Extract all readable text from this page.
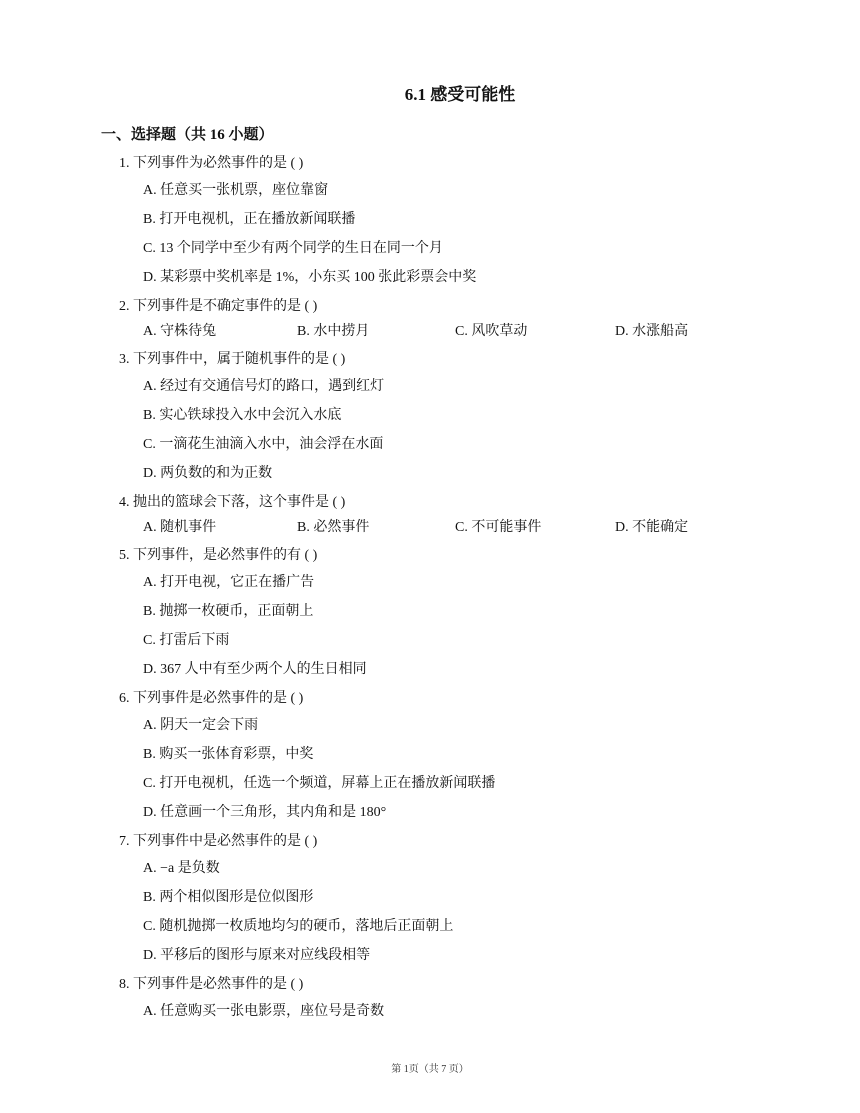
6.1 感受可能性
一、选择题（共 16 小题）
1. 下列事件为必然事件的是 ( )
A. 任意买一张机票，座位靠窗
B. 打开电视机，正在播放新闻联播
C. 13 个同学中至少有两个同学的生日在同一个月
D. 某彩票中奖机率是 1%，小东买 100 张此彩票会中奖
2. 下列事件是不确定事件的是 ( )
A. 守株待兔	B. 水中捞月	C. 风吹草动	D. 水涨船高
3. 下列事件中，属于随机事件的是 ( )
A. 经过有交通信号灯的路口，遇到红灯
B. 实心铁球投入水中会沉入水底
C. 一滴花生油滴入水中，油会浮在水面
D. 两负数的和为正数
4. 抛出的篮球会下落，这个事件是 ( )
A. 随机事件	B. 必然事件	C. 不可能事件	D. 不能确定
5. 下列事件，是必然事件的有 ( )
A. 打开电视，它正在播广告
B. 抛掷一枚硬币，正面朝上
C. 打雷后下雨
D. 367 人中有至少两个人的生日相同
6. 下列事件是必然事件的是 ( )
A. 阴天一定会下雨
B. 购买一张体育彩票，中奖
C. 打开电视机，任选一个频道，屏幕上正在播放新闻联播
D. 任意画一个三角形，其内角和是 180°
7. 下列事件中是必然事件的是 ( )
A. −a 是负数
B. 两个相似图形是位似图形
C. 随机抛掷一枚质地均匀的硬币，落地后正面朝上
D. 平移后的图形与原来对应线段相等
8. 下列事件是必然事件的是 ( )
A. 任意购买一张电影票，座位号是奇数
第 1页（共 7 页）
